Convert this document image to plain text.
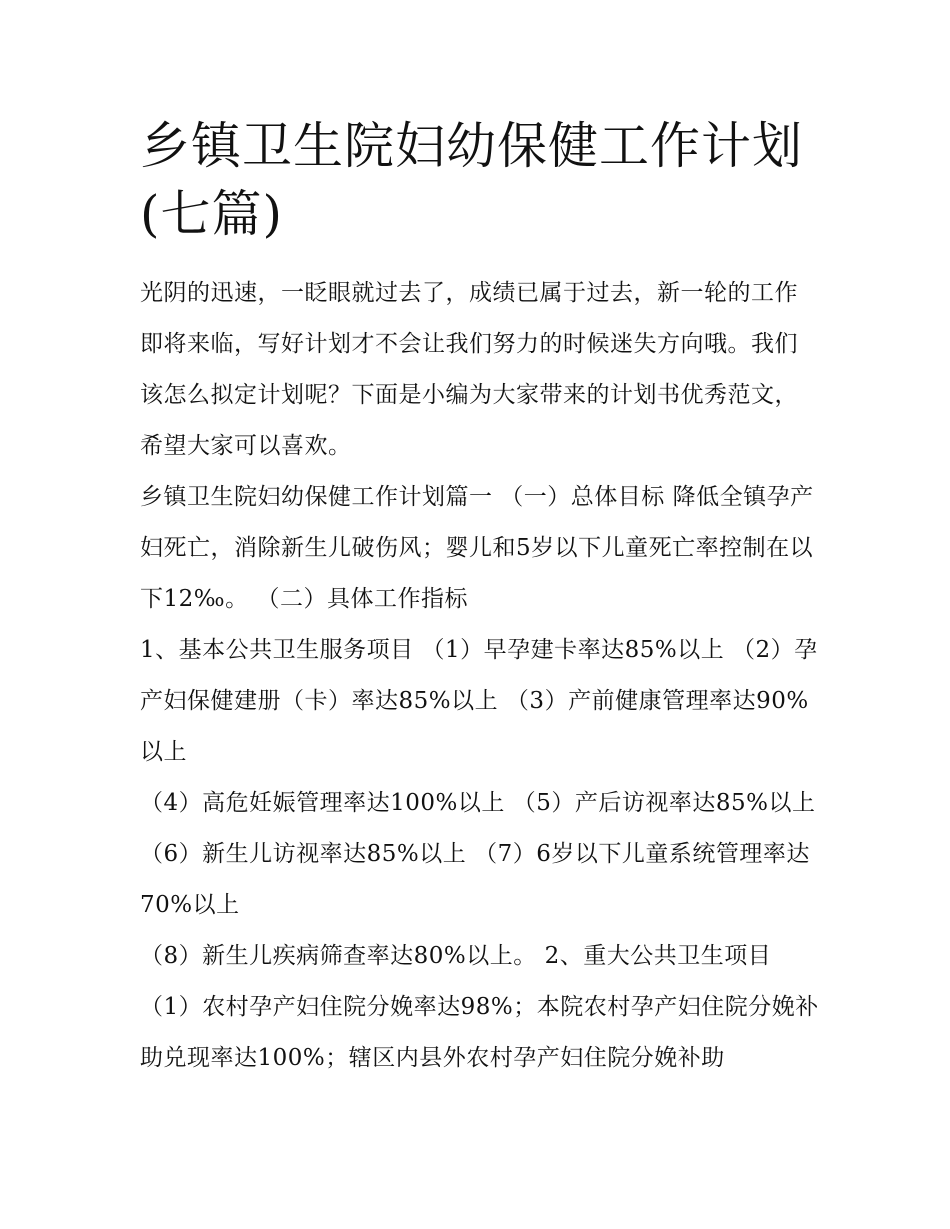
乡镇卫生院妇幼保健工作计划(七篇)

光阴的迅速，一眨眼就过去了，成绩已属于过去，新一轮的工作即将来临，写好计划才不会让我们努力的时候迷失方向哦。我们该怎么拟定计划呢？下面是小编为大家带来的计划书优秀范文，希望大家可以喜欢。

乡镇卫生院妇幼保健工作计划篇一 （一）总体目标 降低全镇孕产妇死亡，消除新生儿破伤风；婴儿和5岁以下儿童死亡率控制在以下12‰。 （二）具体工作指标

1、基本公共卫生服务项目 （1）早孕建卡率达85%以上 （2）孕产妇保健建册（卡）率达85%以上 （3）产前健康管理率达90%以上

（4）高危妊娠管理率达100%以上 （5）产后访视率达85%以上 （6）新生儿访视率达85%以上 （7）6岁以下儿童系统管理率达70%以上

（8）新生儿疾病筛查率达80%以上。 2、重大公共卫生项目 （1）农村孕产妇住院分娩率达98%；本院农村孕产妇住院分娩补助兑现率达100%；辖区内县外农村孕产妇住院分娩补助
